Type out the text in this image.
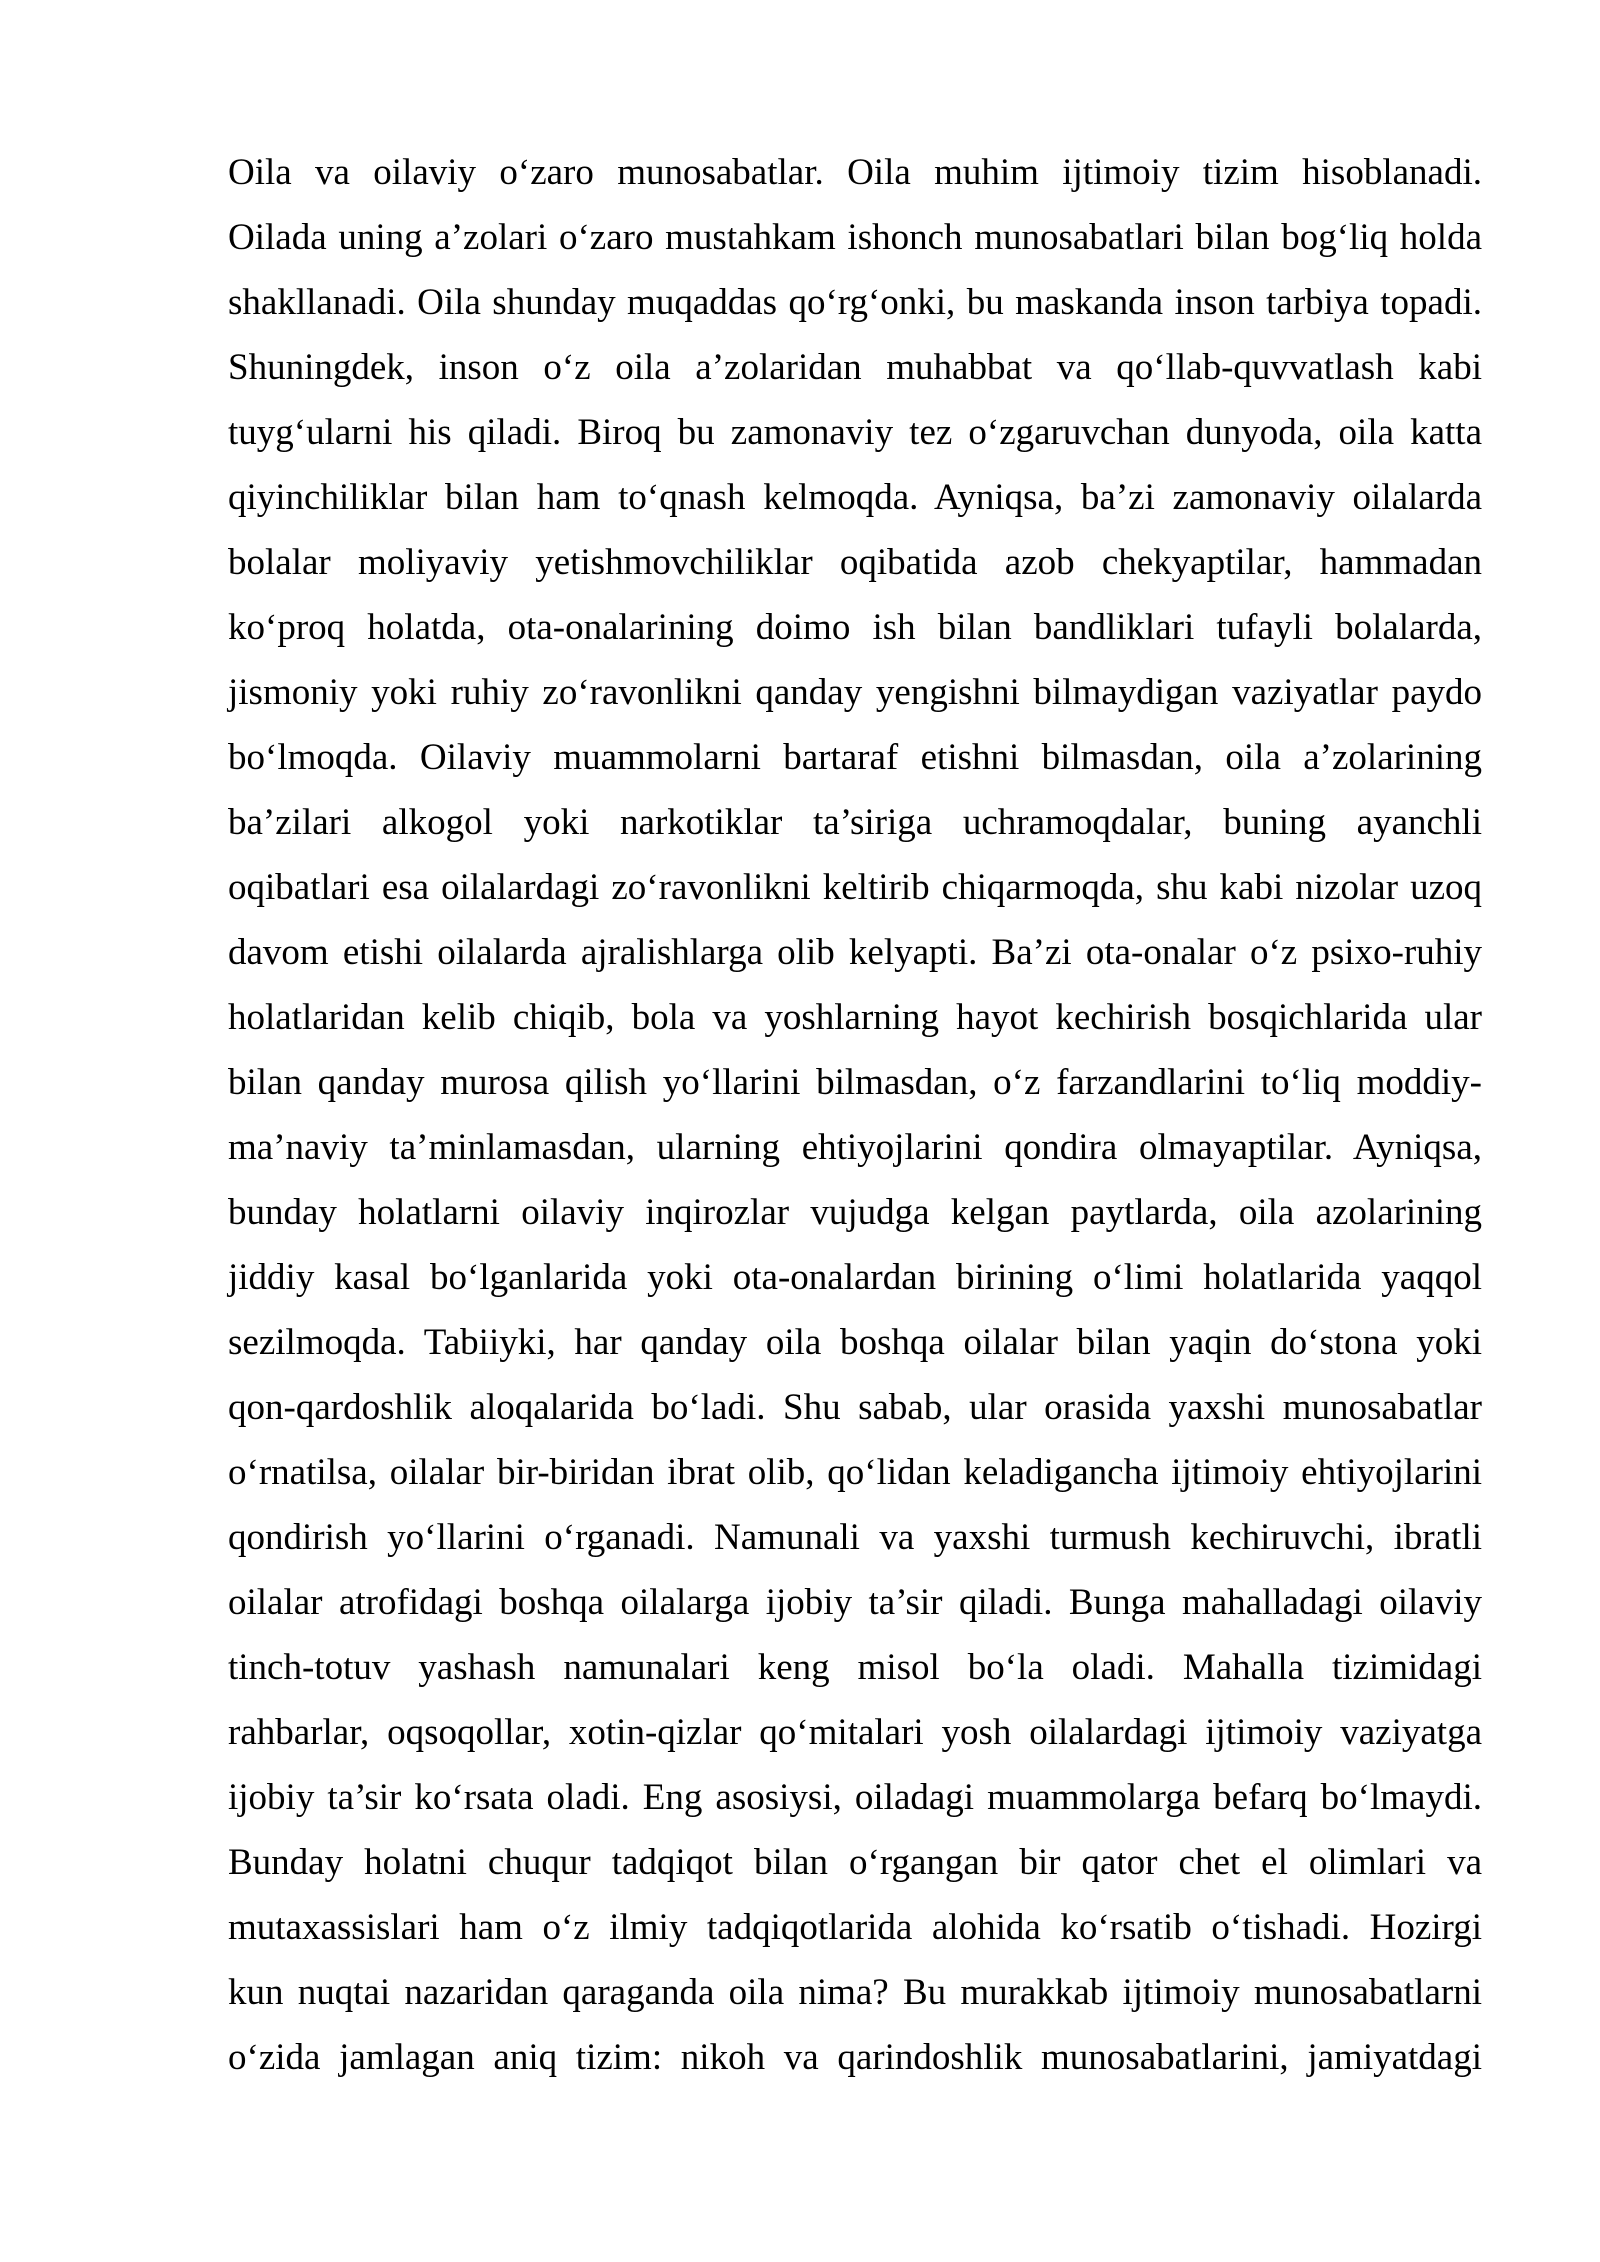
Oila va oilaviy o‘zaro munosabatlar. Oila muhim ijtimoiy tizim hisoblanadi.
Oilada uning a’zolari o‘zaro mustahkam ishonch munosabatlari bilan bog‘liq holda
shakllanadi. Oila shunday muqaddas qo‘rg‘onki, bu maskanda inson tarbiya topadi.
Shuningdek, inson o‘z oila a’zolaridan muhabbat va qo‘llab-quvvatlash kabi
tuyg‘ularni his qiladi. Biroq bu zamonaviy tez o‘zgaruvchan dunyoda, oila katta
qiyinchiliklar bilan ham to‘qnash kelmoqda. Ayniqsa, ba’zi zamonaviy oilalarda
bolalar moliyaviy yetishmovchiliklar oqibatida azob chekyaptilar, hammadan
ko‘proq holatda, ota-onalarining doimo ish bilan bandliklari tufayli bolalarda,
jismoniy yoki ruhiy zo‘ravonlikni qanday yengishni bilmaydigan vaziyatlar paydo
bo‘lmoqda. Oilaviy muammolarni bartaraf etishni bilmasdan, oila a’zolarining
ba’zilari alkogol yoki narkotiklar ta’siriga uchramoqdalar, buning ayanchli
oqibatlari esa oilalardagi zo‘ravonlikni keltirib chiqarmoqda, shu kabi nizolar uzoq
davom etishi oilalarda ajralishlarga olib kelyapti. Ba’zi ota-onalar o‘z psixo-ruhiy
holatlaridan kelib chiqib, bola va yoshlarning hayot kechirish bosqichlarida ular
bilan qanday murosa qilish yo‘llarini bilmasdan, o‘z farzandlarini to‘liq moddiy-
ma’naviy ta’minlamasdan, ularning ehtiyojlarini qondira olmayaptilar. Ayniqsa,
bunday holatlarni oilaviy inqirozlar vujudga kelgan paytlarda, oila azolarining
jiddiy kasal bo‘lganlarida yoki ota-onalardan birining o‘limi holatlarida yaqqol
sezilmoqda. Tabiiyki, har qanday oila boshqa oilalar bilan yaqin do‘stona yoki
qon-qardoshlik aloqalarida bo‘ladi. Shu sabab, ular orasida yaxshi munosabatlar
o‘rnatilsa, oilalar bir-biridan ibrat olib, qo‘lidan keladigancha ijtimoiy ehtiyojlarini
qondirish yo‘llarini o‘rganadi. Namunali va yaxshi turmush kechiruvchi, ibratli
oilalar atrofidagi boshqa oilalarga ijobiy ta’sir qiladi. Bunga mahalladagi oilaviy
tinch-totuv yashash namunalari keng misol bo‘la oladi. Mahalla tizimidagi
rahbarlar, oqsoqollar, xotin-qizlar qo‘mitalari yosh oilalardagi ijtimoiy vaziyatga
ijobiy ta’sir ko‘rsata oladi. Eng asosiysi, oiladagi muammolarga befarq bo‘lmaydi.
Bunday holatni chuqur tadqiqot bilan o‘rgangan bir qator chet el olimlari va
mutaxassislari ham o‘z ilmiy tadqiqotlarida alohida ko‘rsatib o‘tishadi. Hozirgi
kun nuqtai nazaridan qaraganda oila nima? Bu murakkab ijtimoiy munosabatlarni
o‘zida jamlagan aniq tizim: nikoh va qarindoshlik munosabatlarini, jamiyatdagi
